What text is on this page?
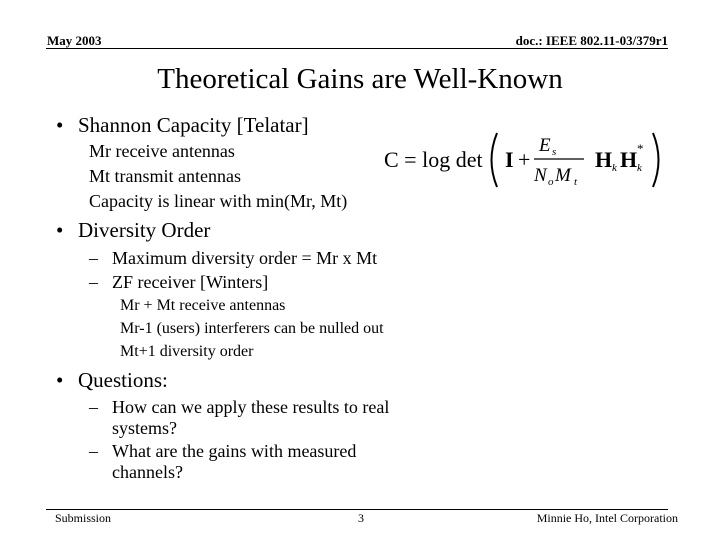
May 2003	doc.: IEEE 802.11-03/379r1
Theoretical Gains are Well-Known
• Shannon Capacity [Telatar]
Mr receive antennas
Mt transmit antennas
Capacity is linear with min(Mr, Mt)
C = log det I +
E s
N o M t
H k H *
k
• Diversity Order
– Maximum diversity order = Mr x Mt
– ZF receiver [Winters]
Mr + Mt receive antennas
Mr-1 (users) interferers can be nulled out
Mt+1 diversity order
• Questions:
– How can we apply these results to real
systems?
– What are the gains with measured
channels?
Submission	3	Minnie Ho, Intel Corporation
